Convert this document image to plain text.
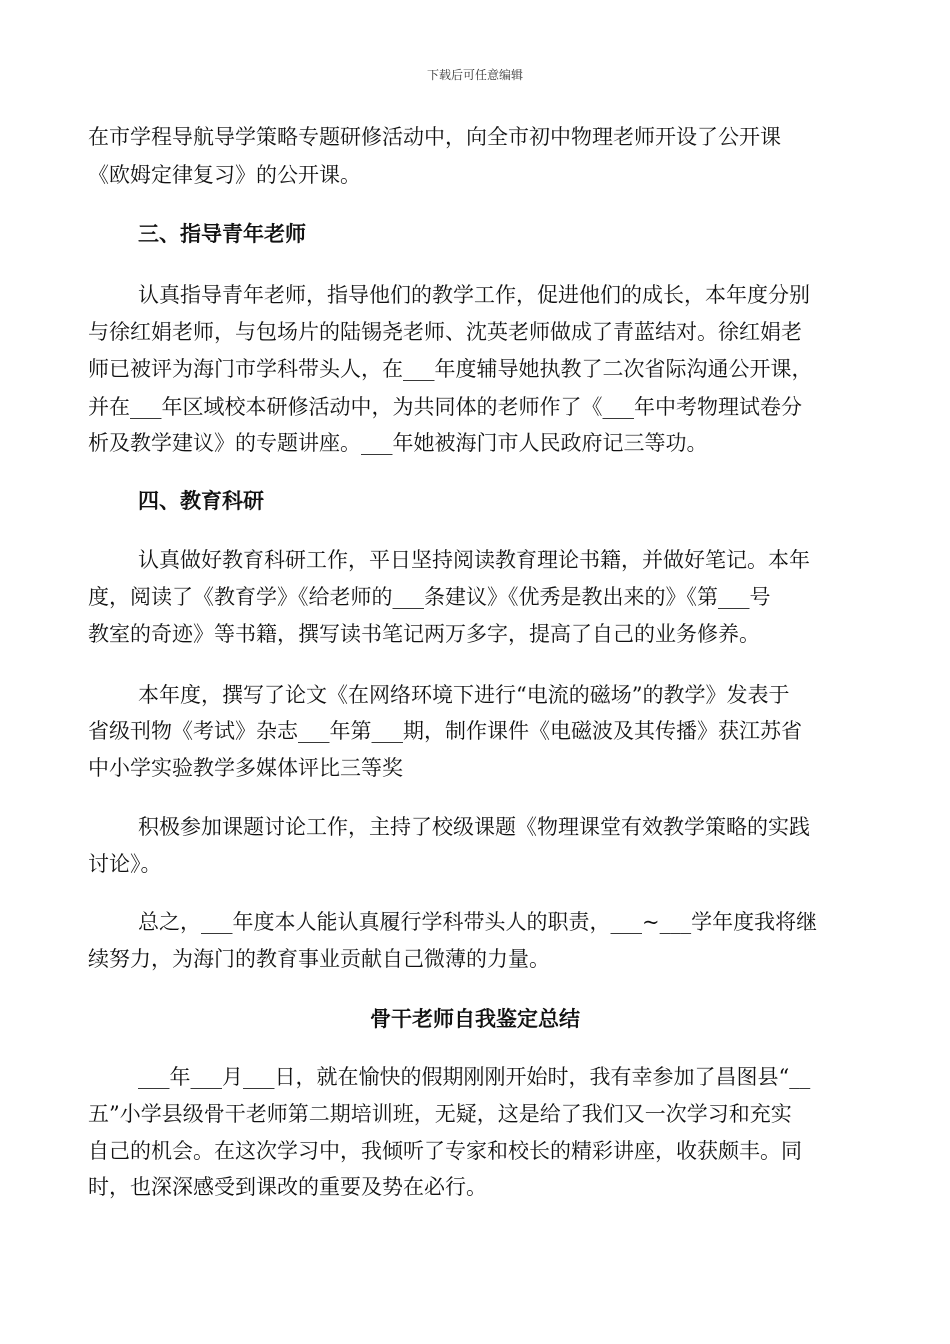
下载后可任意编辑
在市学程导航导学策略专题研修活动中，向全市初中物理老师开设了公开课
《欧姆定律复习》的公开课。
三、指导青年老师
认真指导青年老师，指导他们的教学工作，促进他们的成长，本年度分别
与徐红娟老师，与包场片的陆锡尧老师、沈英老师做成了青蓝结对。徐红娟老
师已被评为海门市学科带头人，在___年度辅导她执教了二次省际沟通公开课，
并在___年区域校本研修活动中，为共同体的老师作了《___年中考物理试卷分
析及教学建议》的专题讲座。___年她被海门市人民政府记三等功。
四、教育科研
认真做好教育科研工作，平日坚持阅读教育理论书籍，并做好笔记。本年
度，阅读了《教育学》《给老师的___条建议》《优秀是教出来的》《第___号
教室的奇迹》等书籍，撰写读书笔记两万多字，提高了自己的业务修养。
本年度，撰写了论文《在网络环境下进行“电流的磁场”的教学》发表于
省级刊物《考试》杂志___年第___期，制作课件《电磁波及其传播》获江苏省
中小学实验教学多媒体评比三等奖
积极参加课题讨论工作，主持了校级课题《物理课堂有效教学策略的实践
讨论》。
总之，___年度本人能认真履行学科带头人的职责，___~___学年度我将继
续努力，为海门的教育事业贡献自己微薄的力量。
骨干老师自我鉴定总结
___年___月___日，就在愉快的假期刚刚开始时，我有幸参加了昌图县“__
五”小学县级骨干老师第二期培训班，无疑，这是给了我们又一次学习和充实
自己的机会。在这次学习中，我倾听了专家和校长的精彩讲座，收获颇丰。同
时，也深深感受到课改的重要及势在必行。
